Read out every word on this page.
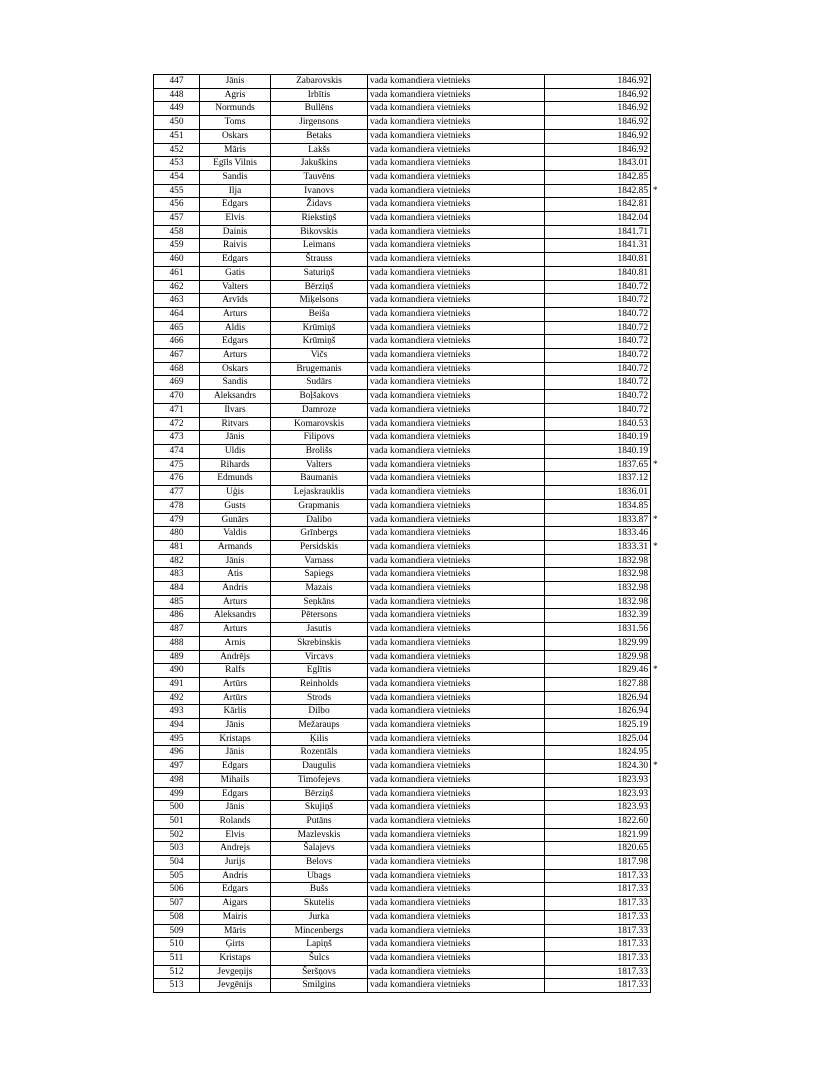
447	Jānis	Zabarovskis	vada komandiera vietnieks	1846.92
448	Agris	Irbītis	vada komandiera vietnieks	1846.92
449	Normunds	Bullēns	vada komandiera vietnieks	1846.92
450	Toms	Jirgensons	vada komandiera vietnieks	1846.92
451	Oskars	Betaks	vada komandiera vietnieks	1846.92
452	Māris	Lakšs	vada komandiera vietnieks	1846.92
453	Egīls Vilnis	Jakuškins	vada komandiera vietnieks	1843.01
454	Sandis	Tauvēns	vada komandiera vietnieks	1842.85
455	Ilja	Ivanovs	vada komandiera vietnieks	1842.85 *

456	Edgars	Židavs	vada komandiera vietnieks	1842.81
457	Elvis	Riekstiņš	vada komandiera vietnieks	1842.04
458	Dainis	Bikovskis	vada komandiera vietnieks	1841.71
459	Raivis	Leimans	vada komandiera vietnieks	1841.31
460	Edgars	Štrauss	vada komandiera vietnieks	1840.81
461	Gatis	Saturiņš	vada komandiera vietnieks	1840.81
462	Valters	Bērziņš	vada komandiera vietnieks	1840.72
463	Arvīds	Miķelsons	vada komandiera vietnieks	1840.72
464	Arturs	Beiša	vada komandiera vietnieks	1840.72
465	Aldis	Krūmiņš	vada komandiera vietnieks	1840.72
466	Edgars	Krūmiņš	vada komandiera vietnieks	1840.72
467	Arturs	Vičs	vada komandiera vietnieks	1840.72
468	Oskars	Brugemanis	vada komandiera vietnieks	1840.72
469	Sandis	Sudārs	vada komandiera vietnieks	1840.72
470	Aleksandrs	Boļšakovs	vada komandiera vietnieks	1840.72
471	Ilvars	Damroze	vada komandiera vietnieks	1840.72
472	Ritvars	Komarovskis	vada komandiera vietnieks	1840.53
473	Jānis	Filipovs	vada komandiera vietnieks	1840.19
474	Uldis	Brolišs	vada komandiera vietnieks	1840.19
475	Rihards	Valters	vada komandiera vietnieks	1837.65 *

476	Edmunds	Baumanis	vada komandiera vietnieks	1837.12
477	Uģis	Lejaskrauklis	vada komandiera vietnieks	1836.01
478	Gusts	Grapmanis	vada komandiera vietnieks	1834.85
479	Gunārs	Dalibo	vada komandiera vietnieks	1833.87 *

480	Valdis	Grīnbergs	vada komandiera vietnieks	1833.46
481	Armands	Persidskis	vada komandiera vietnieks	1833.31 *

482	Jānis	Varnass	vada komandiera vietnieks	1832.98
483	Atis	Sapiegs	vada komandiera vietnieks	1832.98
484	Andris	Mazais	vada komandiera vietnieks	1832.98
485	Arturs	Seņkāns	vada komandiera vietnieks	1832.98
486	Aleksandrs	Pētersons	vada komandiera vietnieks	1832.39
487	Arturs	Jasutis	vada komandiera vietnieks	1831.56
488	Arnis	Skrebinskis	vada komandiera vietnieks	1829.99
489	Andrējs	Vircavs	vada komandiera vietnieks	1829.98
490	Ralfs	Eglītis	vada komandiera vietnieks	1829.46 *

491	Artūrs	Reinholds	vada komandiera vietnieks	1827.88
492	Artūrs	Strods	vada komandiera vietnieks	1826.94
493	Kārlis	Dilbo	vada komandiera vietnieks	1826.94
494	Jānis	Mežaraups	vada komandiera vietnieks	1825.19
495	Kristaps	Ķilis	vada komandiera vietnieks	1825.04
496	Jānis	Rozentāls	vada komandiera vietnieks	1824.95
497	Edgars	Daugulis	vada komandiera vietnieks	1824.30 *

498	Mihails	Timofejevs	vada komandiera vietnieks	1823.93
499	Edgars	Bērziņš	vada komandiera vietnieks	1823.93
500	Jānis	Skujiņš	vada komandiera vietnieks	1823.93
501	Rolands	Putāns	vada komandiera vietnieks	1822.60
502	Elvis	Mazlevskis	vada komandiera vietnieks	1821.99
503	Andrejs	Šalajevs	vada komandiera vietnieks	1820.65
504	Jurijs	Belovs	vada komandiera vietnieks	1817.98
505	Andris	Ubags	vada komandiera vietnieks	1817.33
506	Edgars	Bušs	vada komandiera vietnieks	1817.33
507	Aigars	Skutelis	vada komandiera vietnieks	1817.33
508	Mairis	Jurka	vada komandiera vietnieks	1817.33
509	Māris	Mincenbergs	vada komandiera vietnieks	1817.33
510	Ģirts	Lapiņš	vada komandiera vietnieks	1817.33
511	Kristaps	Šulcs	vada komandiera vietnieks	1817.33
512	Jevgeņijs	Šeršņovs	vada komandiera vietnieks	1817.33
513	Jevgēnijs	Smilgins	vada komandiera vietnieks	1817.33
